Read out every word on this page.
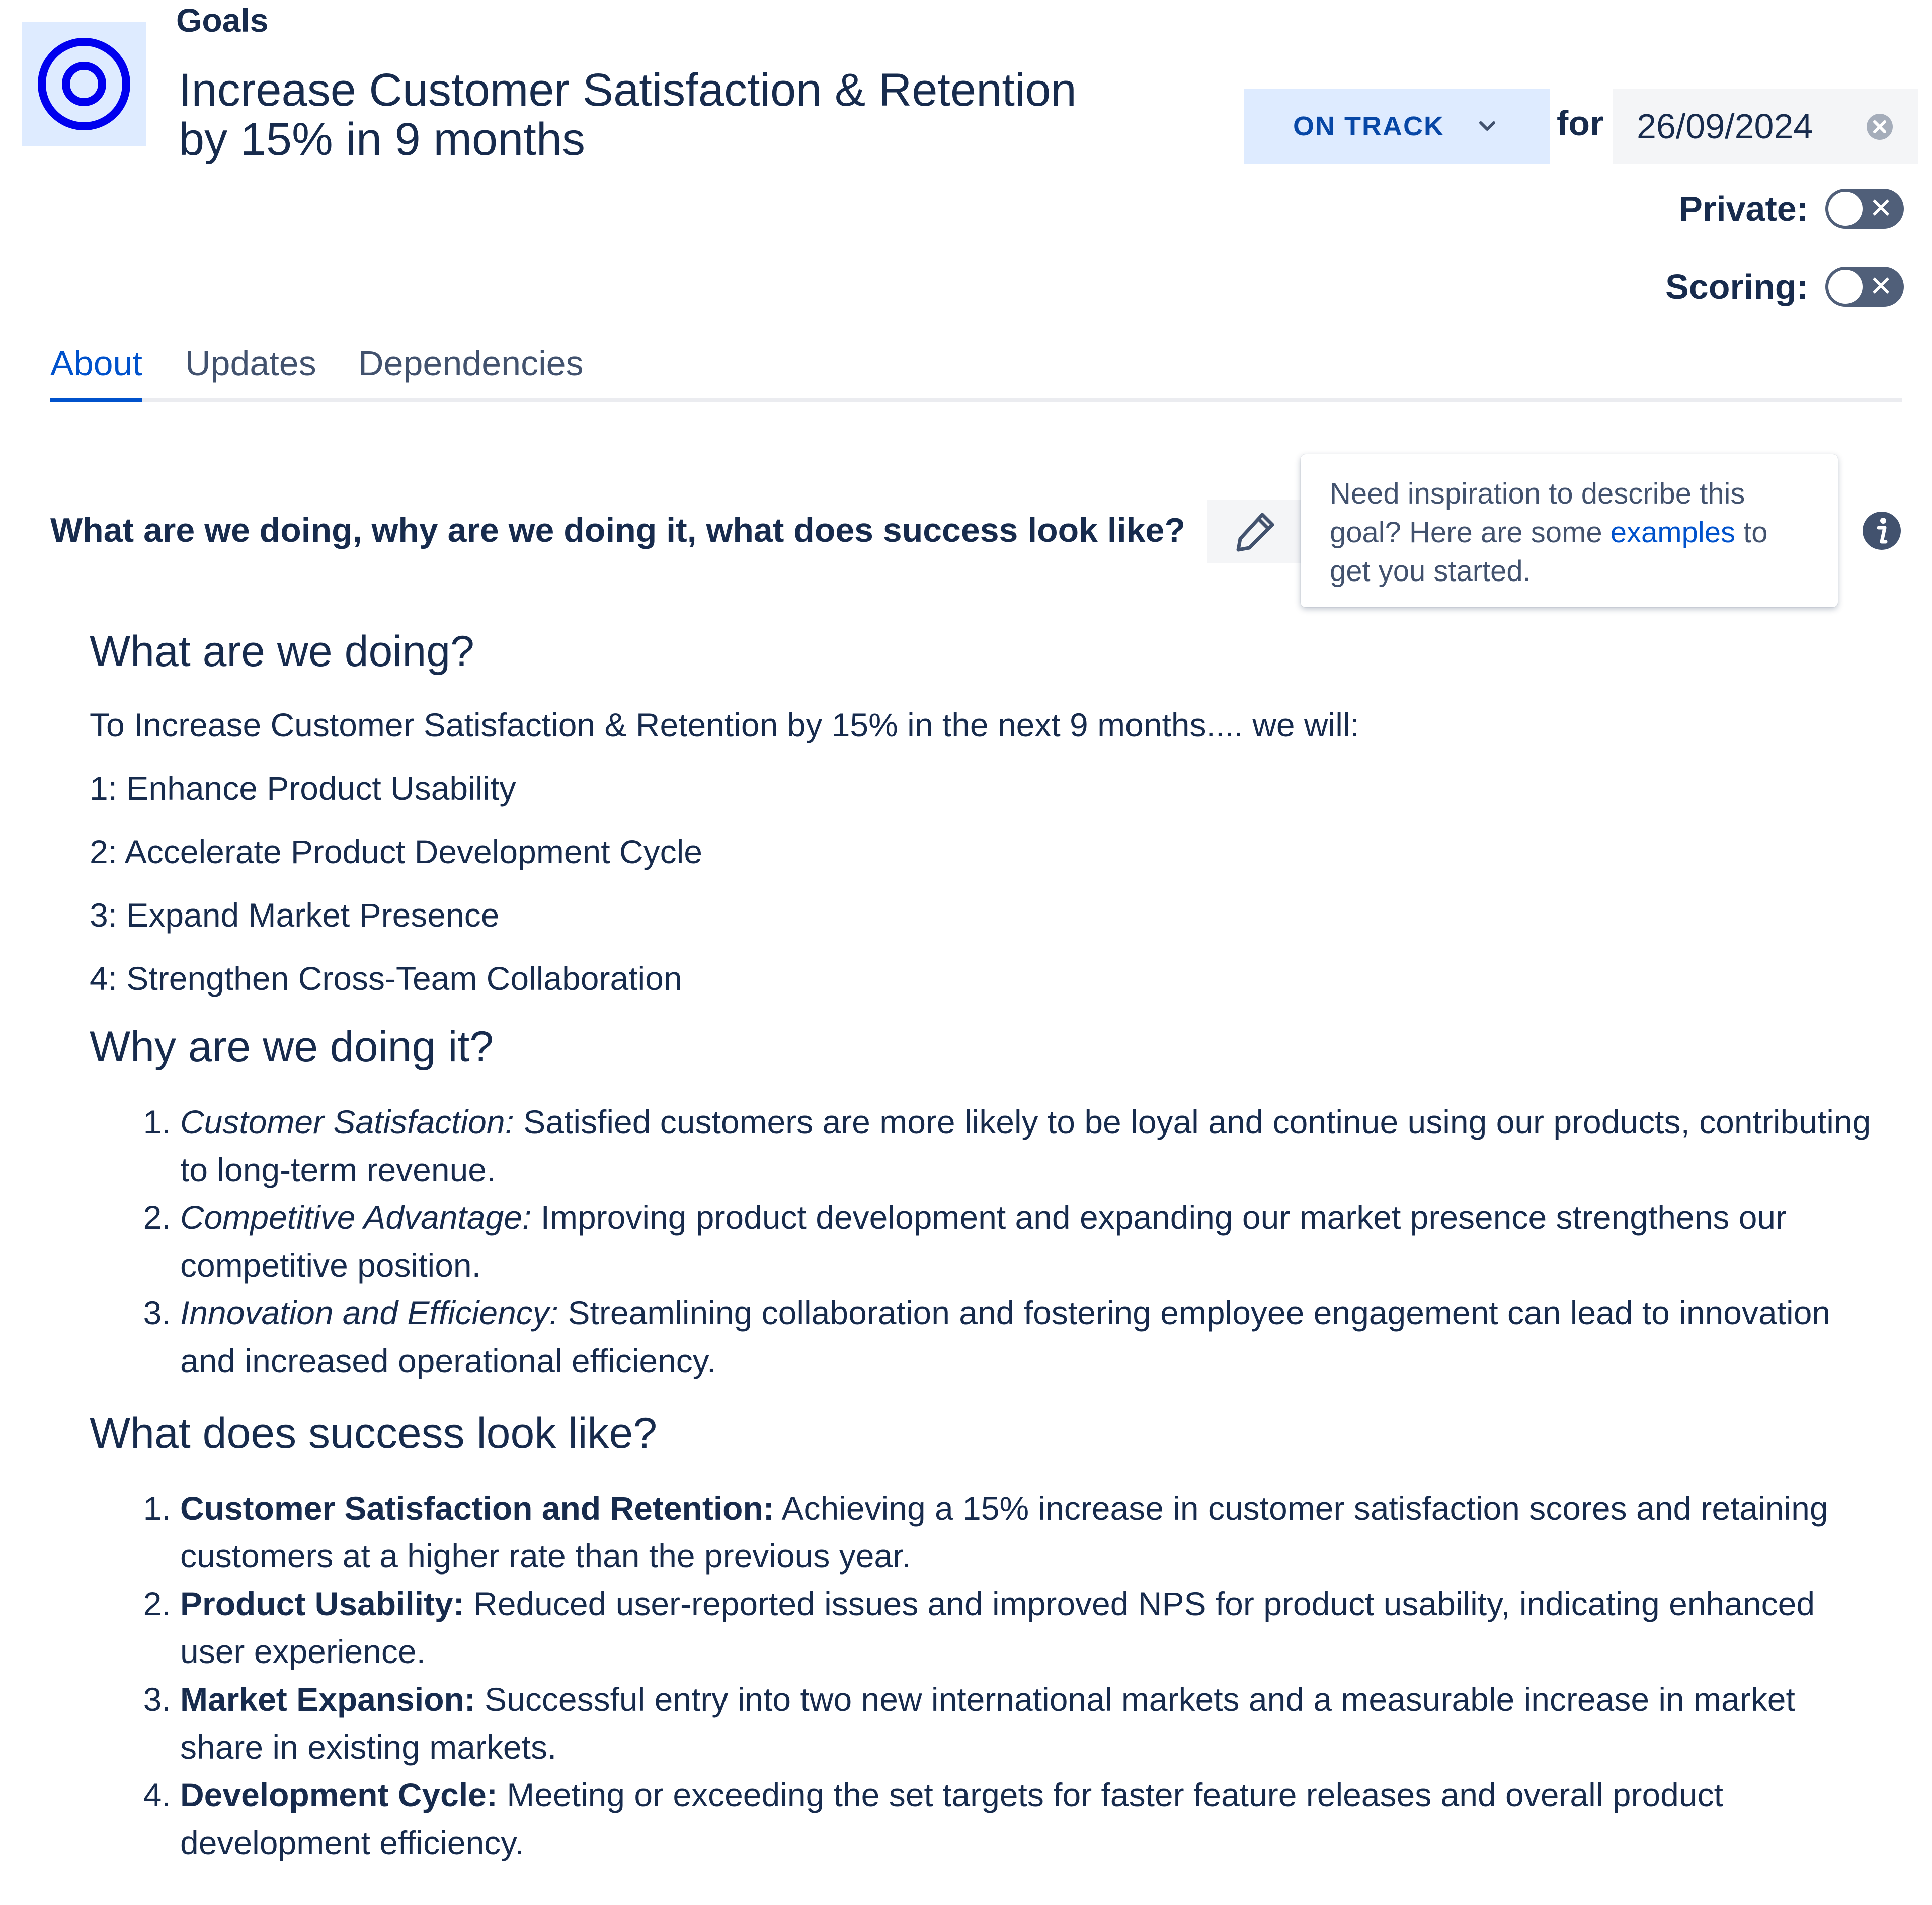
Goals
Increase Customer Satisfaction & Retention
by 15% in 9 months	ON TRACK	for 26/09/2024
Private: ✕
Scoring: ✕
About Updates Dependencies
What are we doing, why are we doing it, what does success look like?
Need inspiration to describe this goal? Here are some examples to get you started.
What are we doing?

To Increase Customer Satisfaction & Retention by 15% in the next 9 months.... we will:

1: Enhance Product Usability

2: Accelerate Product Development Cycle

3: Expand Market Presence

4: Strengthen Cross-Team Collaboration

Why are we doing it?
1. Customer Satisfaction: Satisfied customers are more likely to be loyal and continue using our products, contributing to long-term revenue.
2. Competitive Advantage: Improving product development and expanding our market presence strengthens our competitive position.
3. Innovation and Efficiency: Streamlining collaboration and fostering employee engagement can lead to innovation and increased operational efficiency.
What does success look like?
1. Customer Satisfaction and Retention: Achieving a 15% increase in customer satisfaction scores and retaining customers at a higher rate than the previous year.
2. Product Usability: Reduced user-reported issues and improved NPS for product usability, indicating enhanced user experience.
3. Market Expansion: Successful entry into two new international markets and a measurable increase in market share in existing markets.
4. Development Cycle: Meeting or exceeding the set targets for faster feature releases and overall product development efficiency.
